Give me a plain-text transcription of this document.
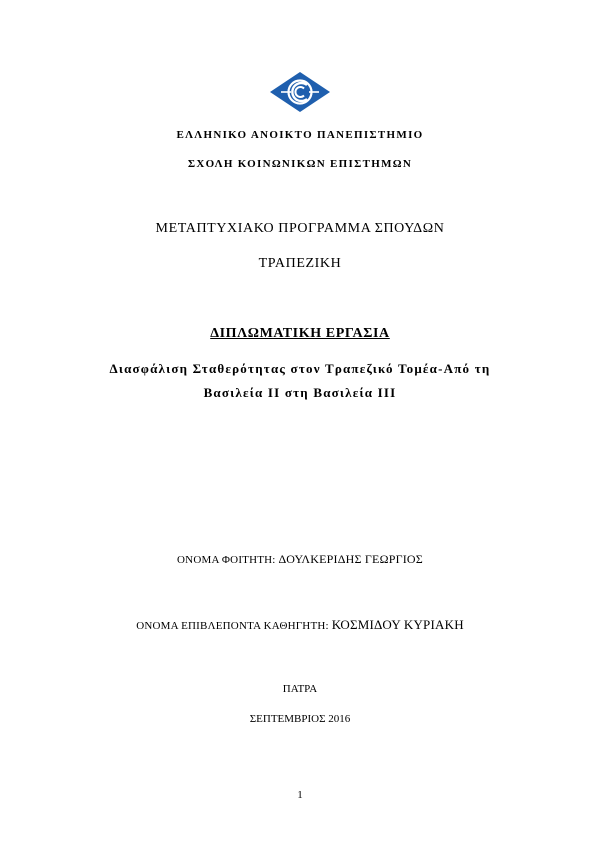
ΕΛΛΗΝΙΚΟ ΑΝΟΙΚΤΟ ΠΑΝΕΠΙΣΤΗΜΙΟ
ΣΧΟΛΗ ΚΟΙΝΩΝΙΚΩΝ ΕΠΙΣΤΗΜΩΝ
ΜΕΤΑΠΤΥΧΙΑΚΟ ΠΡΟΓΡΑΜΜΑ ΣΠΟΥΔΩΝ
ΤΡΑΠΕΖΙΚΗ
ΔΙΠΛΩΜΑΤΙΚΗ ΕΡΓΑΣΙΑ
Διασφάλιση Σταθερότητας στον Τραπεζικό Τομέα-Από τη
Βασιλεία ΙΙ στη Βασιλεία ΙΙΙ
ΟΝΟΜΑ ΦΟΙΤΗΤΗ: ΔΟΥΛΚΕΡΙΔΗΣ ΓΕΩΡΓΙΟΣ
ΟΝΟΜΑ ΕΠΙΒΛΕΠΟΝΤΑ ΚΑΘΗΓΗΤΗ: ΚΟΣΜΙΔΟΥ ΚΥΡΙΑΚΗ
ΠΑΤΡΑ
ΣΕΠΤΕΜΒΡΙΟΣ 2016
1
